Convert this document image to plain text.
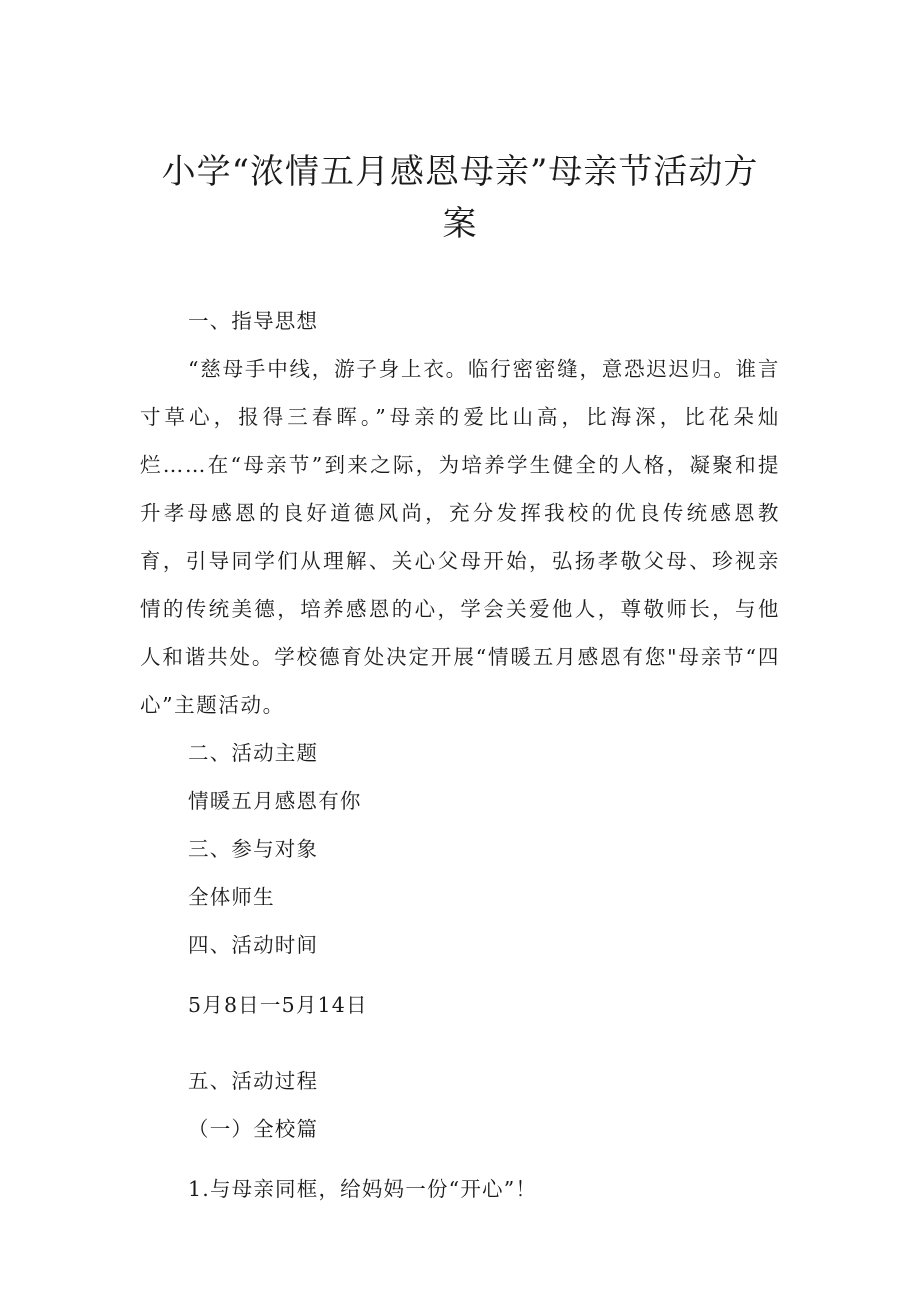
小学“浓情五月感恩母亲”母亲节活动方
案
一、指导思想

“慈母手中线，游子身上衣。临行密密缝，意恐迟迟归。谁言寸草心，报得三春晖。”母亲的爱比山高，比海深，比花朵灿烂……在“母亲节”到来之际，为培养学生健全的人格，凝聚和提升孝母感恩的良好道德风尚，充分发挥我校的优良传统感恩教育，引导同学们从理解、关心父母开始，弘扬孝敬父母、珍视亲情的传统美德，培养感恩的心，学会关爱他人，尊敬师长，与他人和谐共处。学校德育处决定开展“情暖五月感恩有您"母亲节“四心”主题活动。

二、活动主题
情暖五月感恩有你
三、参与对象
全体师生
四、活动时间
5月8日一5月14日
五、活动过程
（一）全校篇
1.与母亲同框，给妈妈一份“开心”！
